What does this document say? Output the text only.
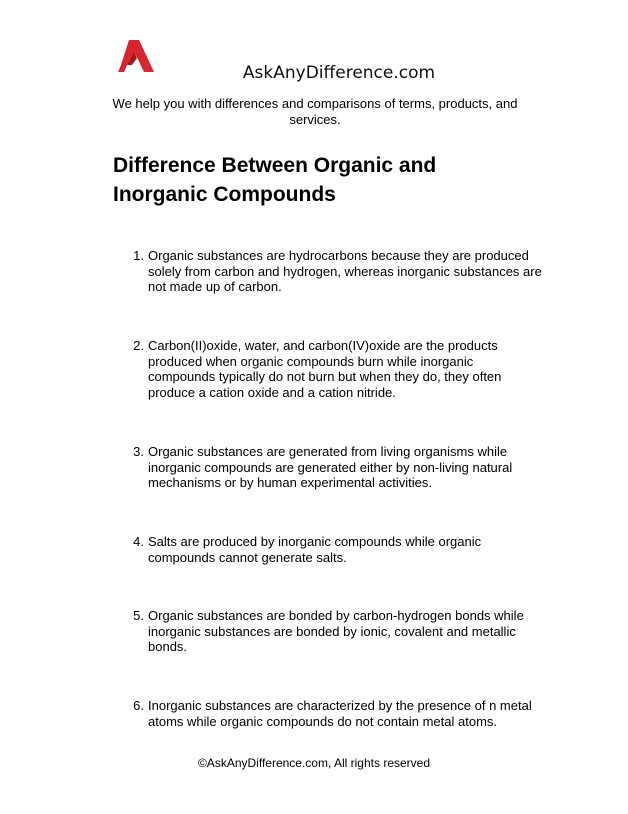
AskAnyDifference.com
We help you with differences and comparisons of terms, products, and services.
Difference Between Organic and Inorganic Compounds
1. Organic substances are hydrocarbons because they are produced solely from carbon and hydrogen, whereas inorganic substances are not made up of carbon.
2. Carbon(II)oxide, water, and carbon(IV)oxide are the products produced when organic compounds burn while inorganic compounds typically do not burn but when they do, they often produce a cation oxide and a cation nitride.
3. Organic substances are generated from living organisms while inorganic compounds are generated either by non-living natural mechanisms or by human experimental activities.
4. Salts are produced by inorganic compounds while organic compounds cannot generate salts.
5. Organic substances are bonded by carbon-hydrogen bonds while inorganic substances are bonded by ionic, covalent and metallic bonds.
6. Inorganic substances are characterized by the presence of n metal atoms while organic compounds do not contain metal atoms.
©AskAnyDifference.com, All rights reserved
